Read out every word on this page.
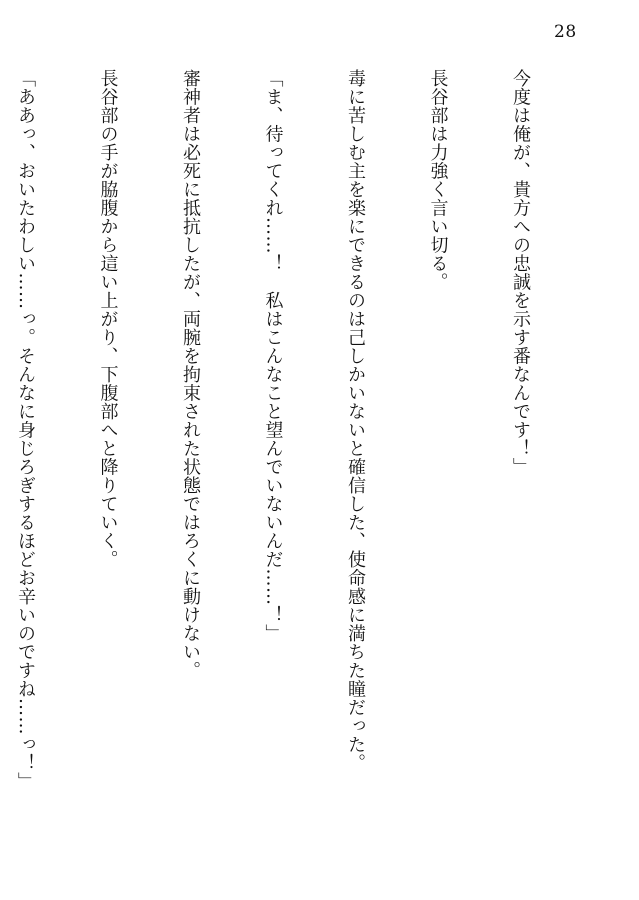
28

今度は俺が、貴方への忠誠を示す番なんです！」

長谷部は力強く言い切る。

毒に苦しむ主を楽にできるのは己しかいないと確信した、使命感に満ちた瞳だった。

「ま、待ってくれ……！　私はこんなこと望んでいないんだ……！」

審神者は必死に抵抗したが、両腕を拘束された状態ではろくに動けない。

長谷部の手が脇腹から這い上がり、下腹部へと降りていく。

「ああっ、おいたわしい……っ。そんなに身じろぎするほどお辛いのですね……っ！」
